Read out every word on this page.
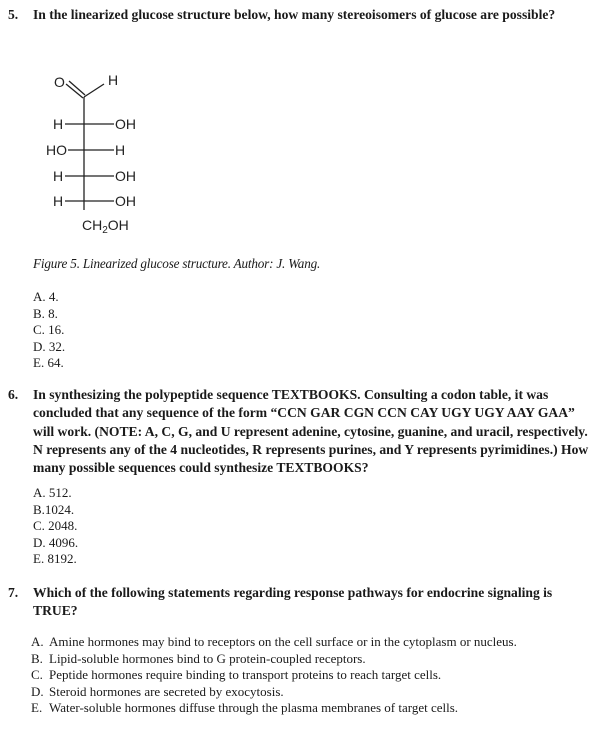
5.	In the linearized glucose structure below, how many stereoisomers of glucose are possible?
O	H
H	OH
HO	H
H	OH
H	OH
$CH_2OH$
Figure 5. Linearized glucose structure. Author: J. Wang.
A. 4.
B. 8.
C. 16.
D. 32.
E. 64.
6.	In synthesizing the polypeptide sequence TEXTBOOKS. Consulting a codon table, it was concluded that any sequence of the form “CCN GAR CGN CCN CAY UGY UGY AAY GAA” will work. (NOTE: A, C, G, and U represent adenine, cytosine, guanine, and uracil, respectively. N represents any of the 4 nucleotides, R represents purines, and Y represents pyrimidines.) How many possible sequences could synthesize TEXTBOOKS?
A. 512.
B.1024.
C. 2048.
D. 4096.
E. 8192.
7.	Which of the following statements regarding response pathways for endocrine signaling is TRUE?
A. Amine hormones may bind to receptors on the cell surface or in the cytoplasm or nucleus.
B. Lipid-soluble hormones bind to G protein-coupled receptors.
C. Peptide hormones require binding to transport proteins to reach target cells.
D. Steroid hormones are secreted by exocytosis.
E. Water-soluble hormones diffuse through the plasma membranes of target cells.
